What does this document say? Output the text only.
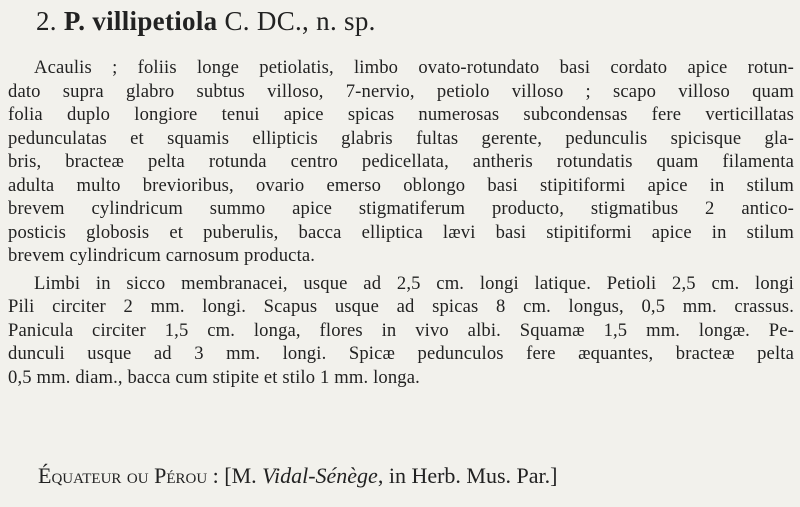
2. P. villipetiola C. DC., n. sp.
Acaulis ; foliis longe petiolatis, limbo ovato-rotundato basi cordato apice rotun-
dato supra glabro subtus villoso, 7-nervio, petiolo villoso ; scapo villoso quam
folia duplo longiore tenui apice spicas numerosas subcondensas fere verticillatas
pedunculatas et squamis ellipticis glabris fultas gerente, pedunculis spicisque gla-
bris, bracteæ pelta rotunda centro pedicellata, antheris rotundatis quam filamenta
adulta multo brevioribus, ovario emerso oblongo basi stipitiformi apice in stilum
brevem cylindricum summo apice stigmatiferum producto, stigmatibus 2 antico-
posticis globosis et puberulis, bacca elliptica lævi basi stipitiformi apice in stilum
brevem cylindricum carnosum producta.
Limbi in sicco membranacei, usque ad 2,5 cm. longi latique. Petioli 2,5 cm. longi
Pili circiter 2 mm. longi. Scapus usque ad spicas 8 cm. longus, 0,5 mm. crassus.
Panicula circiter 1,5 cm. longa, flores in vivo albi. Squamæ 1,5 mm. longæ. Pe-
dunculi usque ad 3 mm. longi. Spicæ pedunculos fere æquantes, bracteæ pelta
0,5 mm. diam., bacca cum stipite et stilo 1 mm. longa.
Équateur ou Pérou : [M. Vidal-Sénège, in Herb. Mus. Par.]
